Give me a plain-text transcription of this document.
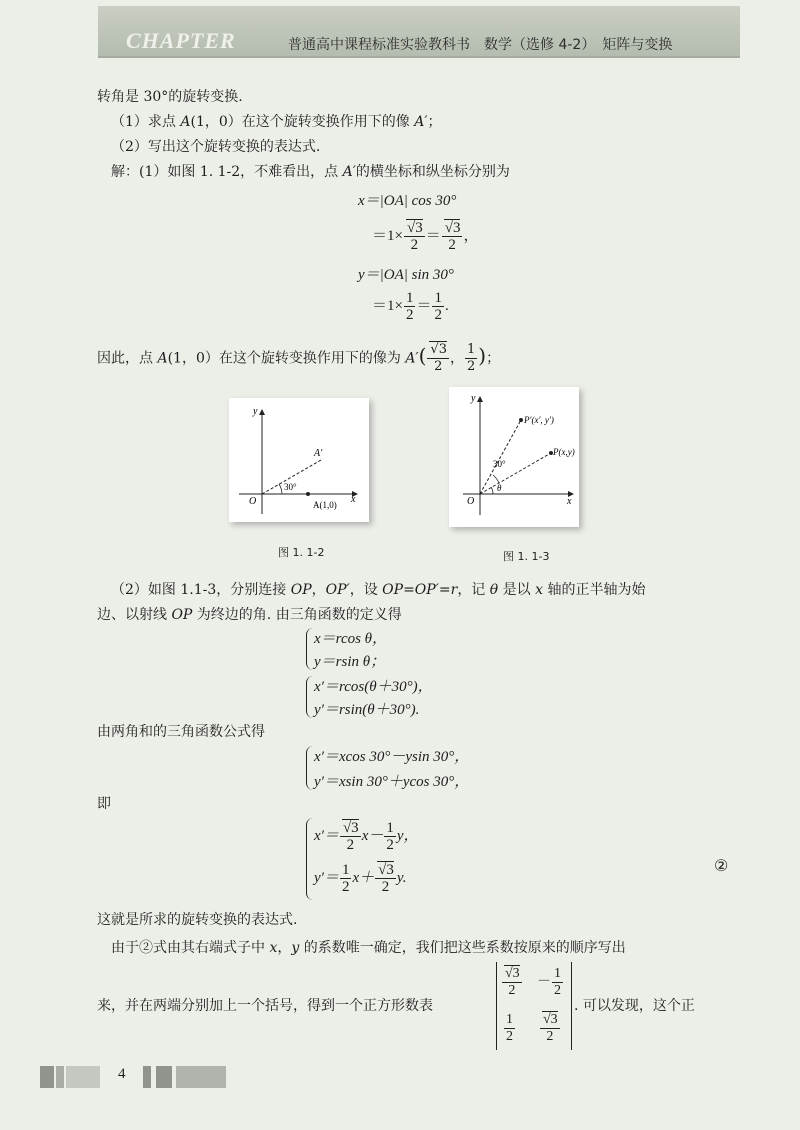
CHAPTER	普通高中课程标准实验教科书　数学（选修 4-2）　矩阵与变换
转角是 30°的旋转变换.
（1）求点 A(1，0）在这个旋转变换作用下的像 A′；
（2）写出这个旋转变换的表达式.
解：(1）如图 1. 1-2，不难看出，点 A′的横坐标和纵坐标分别为
x＝|OA| cos 30°
$=1\times \frac{√3}{2} = \frac{√3}{2}$ ，
y＝|OA| sin 30°
$=1\times \frac{1}{2} = \frac{1}{2}$ .
因此，点 A(1，0）在这个旋转变换作用下的像为 $A'( \frac{√3}{2}$ ， $\frac{1}{2}$ )；
y
x
O
A′
30°
A(1,0)
图 1. 1-2
y
x
O
P′(x′, y′)
P(x,y)
30°
θ
图 1. 1-3
（2）如图 1.1-3，分别连接 OP，OP′，设 OP=OP′=r，记 θ 是以 x 轴的正半轴为始
边、以射线 OP 为终边的角. 由三角函数的定义得
x＝rcos θ，
y＝rsin θ；
x′＝rcos(θ＋30°)，
y′＝rsin(θ＋30°).
由两角和的三角函数公式得
x′＝xcos 30°－ysin 30°，
y′＝xsin 30°＋ycos 30°，
即
$x'= \frac{√3}{2} x- \frac{1}{2}$ y，
$y'= \frac{1}{2} x+ \frac{√3}{2} y$.
②
这就是所求的旋转变换的表达式.
由于②式由其右端式子中 x，y 的系数唯一确定，我们把这些系数按原来的顺序写出
来，并在两端分别加上一个括号，得到一个正方形数表
$\frac{√3}{2} - \frac{1}{2}$
$\frac{1}{2} \frac{√3}{2}$
. 可以发现，这个正
4
